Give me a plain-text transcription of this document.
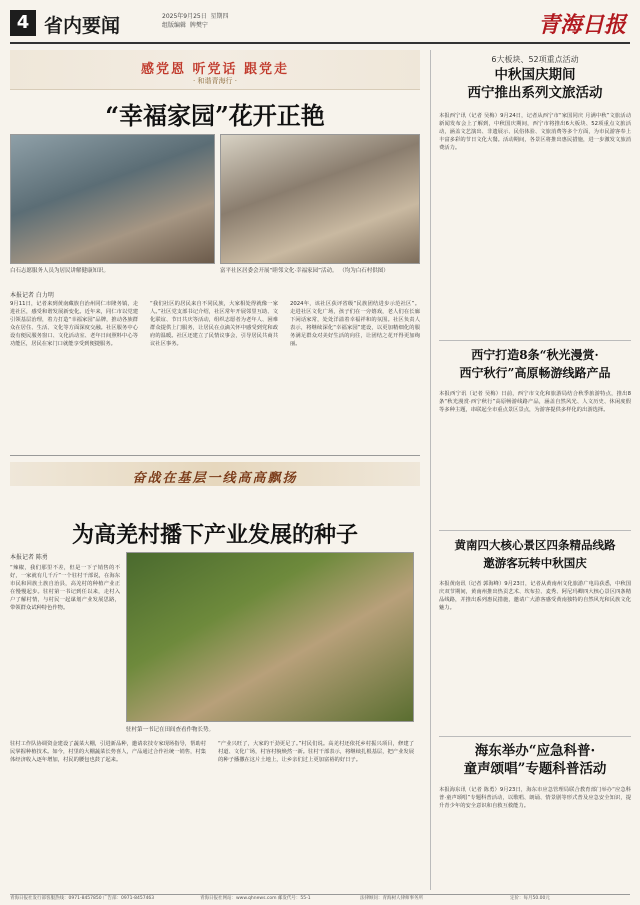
4 省内要闻	2025年9月25日  星期四
组版编辑  牌樊宁	青海日报
感党恩 听党话 跟党走
· 和谐青海行 ·
“幸福家园”花开正艳
白石志愿服务人员为居民讲解健康知识。	富平社区居委会开展“睦邻文化·幸福家园”活动。 （均为白石村供图）
本报记者 白力明
9月11日，记者来到黄南藏族自治州同仁市隆务镇，走进社区，感受和谐发展新变化。近年来，同仁市以党建引领基层治理，着力打造“幸福家园”品牌，推动各族群众在居住、生活、文化等方面深度交融。社区服务中心设有便民服务窗口、文化活动室、老年日间照料中心等功能区，居民在家门口就能享受到便捷服务。
“我们社区的居民来自不同民族，大家相处得就像一家人。”社区党支部书记介绍，社区常年开展邻里互助、文化联谊、节日共庆等活动，组织志愿者为老年人、困难群众提供上门服务，让居民在点滴关怀中感受到党和政府的温暖。社区还建立了民情议事会，引导居民共商共议社区事务。
2024年，该社区获评省级“民族团结进步示范社区”。走进社区文化广场，孩子们在一旁嬉戏，老人们在长廊下闲话家常，处处洋溢着幸福祥和的氛围。社区负责人表示，将继续深化“幸福家园”建设，以更加精细化的服务满足群众对美好生活的向往，让团结之花开得更加绚丽。
奋战在基层一线高高飘扬
为高羌村播下产业发展的种子
本报记者 陈勇
“辣椒，我们那里不差，但是一下子销售的不好，一家就有几千斤”一个驻村干部说，在海东市民和回族土族自治县，高羌村的种植产业正在慢慢起步。驻村第一书记到任以来，走村入户了解村情，与村民一起谋划产业发展思路，带领群众试种特色作物。
驻村第一书记在田间查看作物长势。
驻村工作队协调资金建设了蔬菜大棚，引进新品种，邀请农技专家现场指导，帮助村民掌握种植技术。如今，村里的大棚蔬菜长势喜人，产品通过合作社统一销售，村集体经济收入逐年增加，村民的腰包也鼓了起来。
“产业兴旺了，大家的干劲更足了。”村民们说。高羌村还依托乡村振兴项目，修建了村道、文化广场，村容村貌焕然一新。驻村干部表示，将继续扎根基层，把产业发展的种子播撒在这片土地上，让乡亲们过上更加富裕的好日子。
6大板块、52项重点活动
中秋国庆期间
西宁推出系列文旅活动
本报西宁讯（记者 吴梅）9月24日，记者从西宁市“家国同庆 月满中秋”文旅活动新闻发布会上了解到，中秋国庆期间，西宁市将推出6大板块、52项重点文旅活动，涵盖文艺演出、非遗展示、民俗体验、文旅消费等多个方面，为市民游客奉上丰富多彩的节日文化大餐。活动期间，各景区将推出惠民措施，进一步激发文旅消费活力。
西宁打造8条“秋光漫赏·
西宁秋行”高原畅游线路产品
本报西宁讯（记者 吴梅）日前，西宁市文化和旅游局结合秋季旅游特点，推出8条“秋光漫赏·西宁秋行”高原畅游线路产品，涵盖自然风光、人文历史、休闲度假等多种主题，串联起全市重点景区景点，为游客提供多样化的出游选择。
黄南四大核心景区四条精品线路
邀游客玩转中秋国庆
本报黄南讯（记者 郭海峰）9月23日，记者从黄南州文化旅游广电局获悉，中秋国庆双节期间，黄南州推出热贡艺术、坎布拉、麦秀、阿尼玛卿四大核心景区四条精品线路，并推出系列惠民措施，邀请广大游客感受黄南独特的自然风光和民族文化魅力。
海东举办“应急科普·
童声颂唱”专题科普活动
本报海东讯（记者 陈勇）9月23日，海东市应急管理局联合教育部门举办“应急科普·童声颂唱”专题科普活动，以歌唱、朗诵、情景剧等形式普及应急安全知识，提升青少年的安全意识和自救互救能力。
青海日报社发行部客服热线：0971-8457850 广告部：0971-8457463	青海日报社网站：www.qhnews.com 邮发代号：55-1	法律顾问：青海树人律师事务所	定价：每月50.00元
